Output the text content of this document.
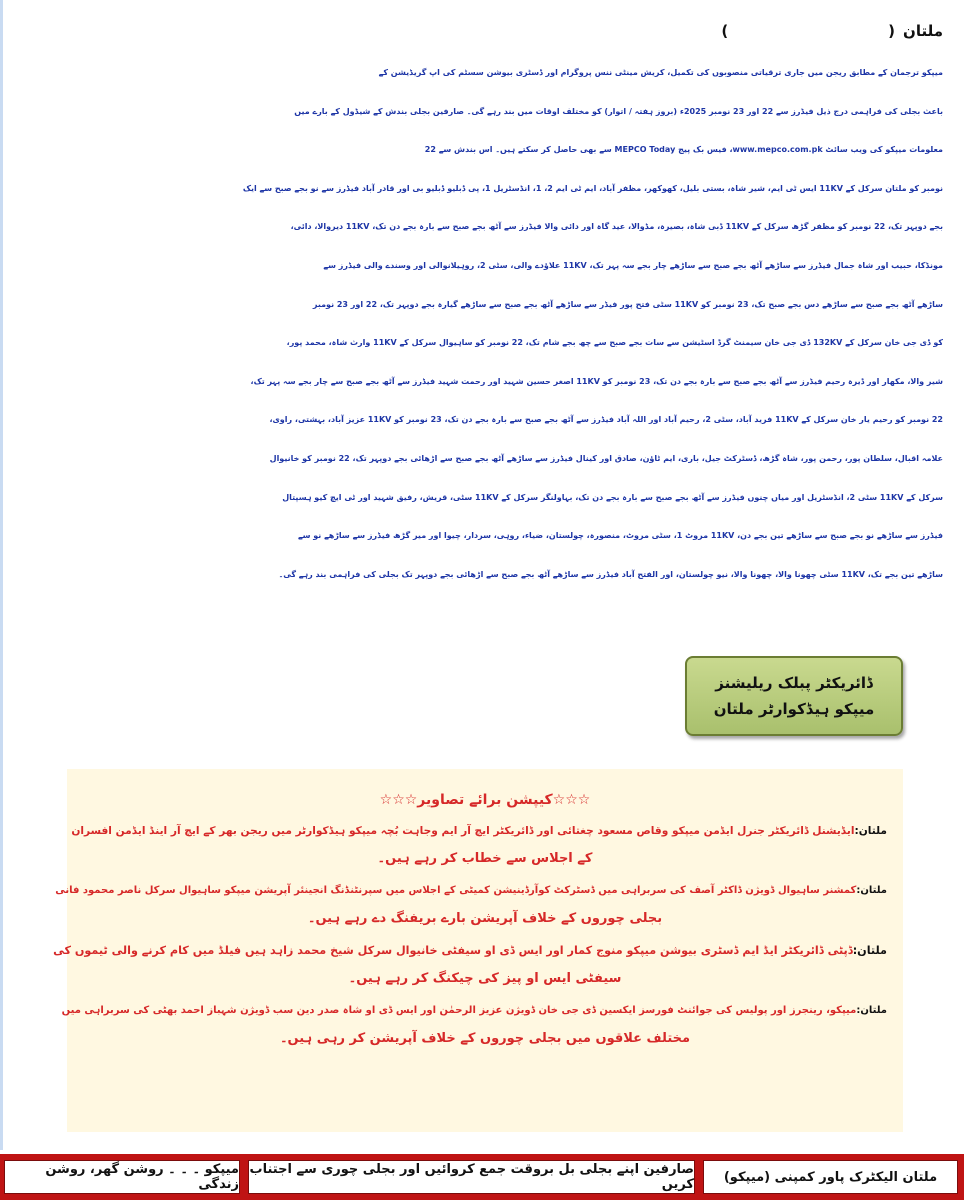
ملتان()
میپکو ترجمان کے مطابق ریجن میں جاری ترقیاتی منصوبوں کی تکمیل، کریش مینٹی ننس پروگرام اور ڈسٹری بیوشن سسٹم کی اپ گریڈیشن کے
باعث بجلی کی فراہمی درج ذیل فیڈرز سے 22 اور 23 نومبر 2025ء (بروز ہفتہ / اتوار) کو مختلف اوقات میں بند رہے گی۔ صارفین بجلی بندش کے شیڈول کے بارے میں
معلومات میپکو کی ویب سائٹ www.mepco.com.pk، فیس بک پیج MEPCO Today سے بھی حاصل کر سکتے ہیں۔ اس بندش سے 22
نومبر کو ملتان سرکل کے 11KV ایس ٹی ایم، شیر شاہ، بستی بلیل، کھوکھر، مظفر آباد، ایم ٹی ایم 2، 1، انڈسٹریل 1، پی ڈبلیو ڈبلیو بی اور قادر آباد فیڈرز سے نو بجے صبح سے ایک
بجے دوپہر تک، 22 نومبر کو مظفر گڑھ سرکل کے 11KV ڈبی شاہ، بصیرہ، مڈوالا، عید گاہ اور دائی والا فیڈرز سے آٹھ بجے صبح سے بارہ بجے دن تک، 11KV دیروالا، دائی،
مونڈکا، حبیب اور شاہ جمال فیڈرز سے ساڑھے آٹھ بجے صبح سے ساڑھے چار بجے سہ پہر تک، 11KV علاؤدے والی، سٹی 2، روہیلانوالی اور وسندے والی فیڈرز سے
ساڑھے آٹھ بجے صبح سے ساڑھے دس بجے صبح تک، 23 نومبر کو 11KV سٹی فتح پور فیڈر سے ساڑھے آٹھ بجے صبح سے ساڑھے گیارہ بجے دوپہر تک، 22 اور 23 نومبر
کو ڈی جی خان سرکل کے 132KV ڈی جی خان سیمنٹ گرڈ اسٹیشن سے سات بجے صبح سے چھ بجے شام تک، 22 نومبر کو ساہیوال سرکل کے 11KV وارث شاہ، محمد پور،
شیر والا، مکھار اور ڈیرہ رحیم فیڈرز سے آٹھ بجے صبح سے بارہ بجے دن تک، 23 نومبر کو 11KV اصغر حسین شہید اور رحمت شہید فیڈرز سے آٹھ بجے صبح سے چار بجے سہ پہر تک،
22 نومبر کو رحیم یار خان سرکل کے 11KV فرید آباد، سٹی 2، رحیم آباد اور اللہ آباد فیڈرز سے آٹھ بجے صبح سے بارہ بجے دن تک، 23 نومبر کو 11KV عزیز آباد، بہشتی، راوی،
علامہ اقبال، سلطان پور، رحمن پور، شاہ گڑھ، ڈسٹرکٹ جیل، باری، ایم ٹاؤن، صادق اور کینال فیڈرز سے ساڑھے آٹھ بجے صبح سے اڑھائی بجے دوپہر تک، 22 نومبر کو خانیوال
سرکل کے 11KV سٹی 2، انڈسٹریل اور میاں چنوں فیڈرز سے آٹھ بجے صبح سے بارہ بجے دن تک، بہاولنگر سرکل کے 11KV سٹی، قریش، رفیق شہید اور ٹی ایچ کیو ہسپتال
فیڈرز سے ساڑھے نو بجے صبح سے ساڑھے تین بجے دن، 11KV مروٹ 1، سٹی مروٹ، منصورہ، چولستان، ضیاء، روہی، سردار، چیوا اور میر گڑھ فیڈرز سے ساڑھے نو سے
ساڑھے تین بجے تک، 11KV سٹی چھونا والا، چھونا والا، نیو چولستان، اور الفتح آباد فیڈرز سے ساڑھے آٹھ بجے صبح سے اڑھائی بجے دوپہر تک بجلی کی فراہمی بند رہے گی۔
ڈائریکٹر پبلک ریلیشنز
میپکو ہیڈکوارٹر ملتان
☆☆☆کیپشن برائے تصاویر☆☆☆
ملتان:ایڈیشنل ڈائریکٹر جنرل ایڈمن میپکو وقاص مسعود چغتائی اور ڈائریکٹر ایچ آر ایم وجاہت بُچہ میپکو ہیڈکوارٹر میں ریجن بھر کے ایچ آر اینڈ ایڈمن افسران
کے اجلاس سے خطاب کر رہے ہیں۔
ملتان:کمشنر ساہیوال ڈویژن ڈاکٹر آصف کی سربراہی میں ڈسٹرکٹ کوآرڈینیشن کمیٹی کے اجلاس میں سپرنٹنڈنگ انجینئر آپریشن میپکو ساہیوال سرکل ناصر محمود فانی
بجلی چوروں کے خلاف آپریشن بارے بریفنگ دے رہے ہیں۔
ملتان:ڈپٹی ڈائریکٹر ایڈ ایم ڈسٹری بیوشن میپکو منوج کمار اور ایس ڈی او سیفٹی خانیوال سرکل شیخ محمد زاہد ہیں فیلڈ میں کام کرنے والی ٹیموں کی
سیفٹی ایس او پیز کی چیکنگ کر رہے ہیں۔
ملتان:میپکو، رینجرز اور پولیس کی جوائنٹ فورسز ایکسین ڈی جی خان ڈویژن عزیز الرحمٰن اور ایس ڈی او شاہ صدر دین سب ڈویژن شہباز احمد بھٹی کی سربراہی میں
مختلف علاقوں میں بجلی چوروں کے خلاف آپریشن کر رہی ہیں۔
ملتان الیکٹرک پاور کمپنی (میپکو)
صارفین اپنے بجلی بل بروقت جمع کروائیں اور بجلی چوری سے اجتناب کریں
میپکو ۔ ۔ ۔ روشن گھر، روشن زندگی
